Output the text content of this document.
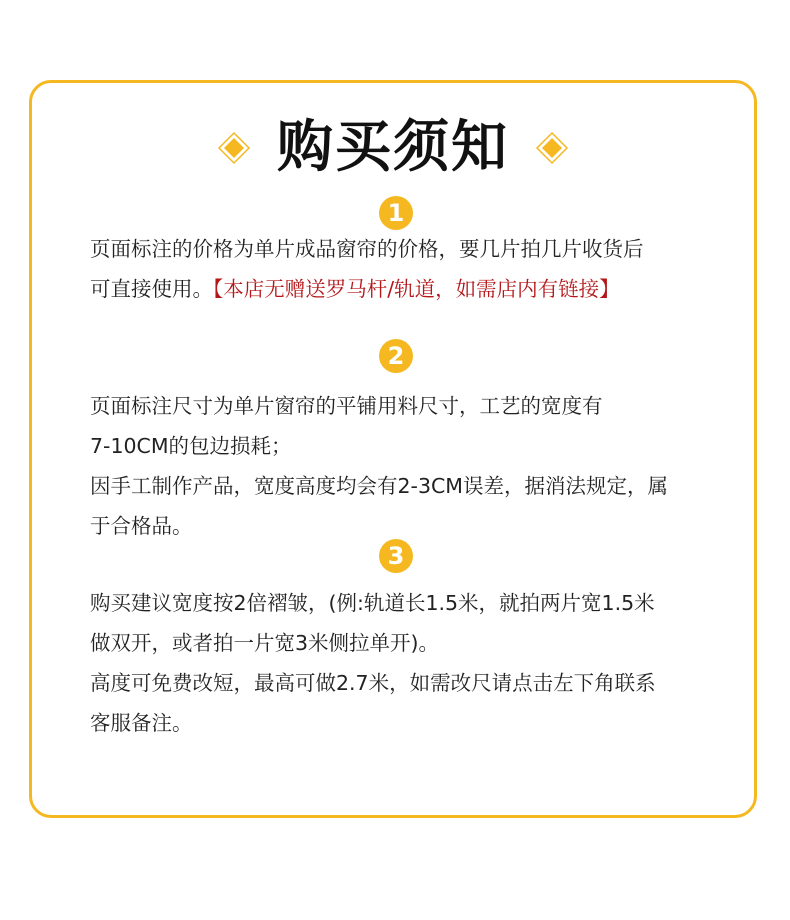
购买须知
1

页面标注的价格为单片成品窗帘的价格，要几片拍几片收货后

可直接使用。【本店无赠送罗马杆/轨道，如需店内有链接】

2

页面标注尺寸为单片窗帘的平铺用料尺寸，工艺的宽度有

7-10CM的包边损耗；

因手工制作产品，宽度高度均会有2-3CM误差，据消法规定，属

于合格品。

3

购买建议宽度按2倍褶皱，(例:轨道长1.5米，就拍两片宽1.5米

做双开，或者拍一片宽3米侧拉单开)。

高度可免费改短，最高可做2.7米，如需改尺请点击左下角联系

客服备注。
